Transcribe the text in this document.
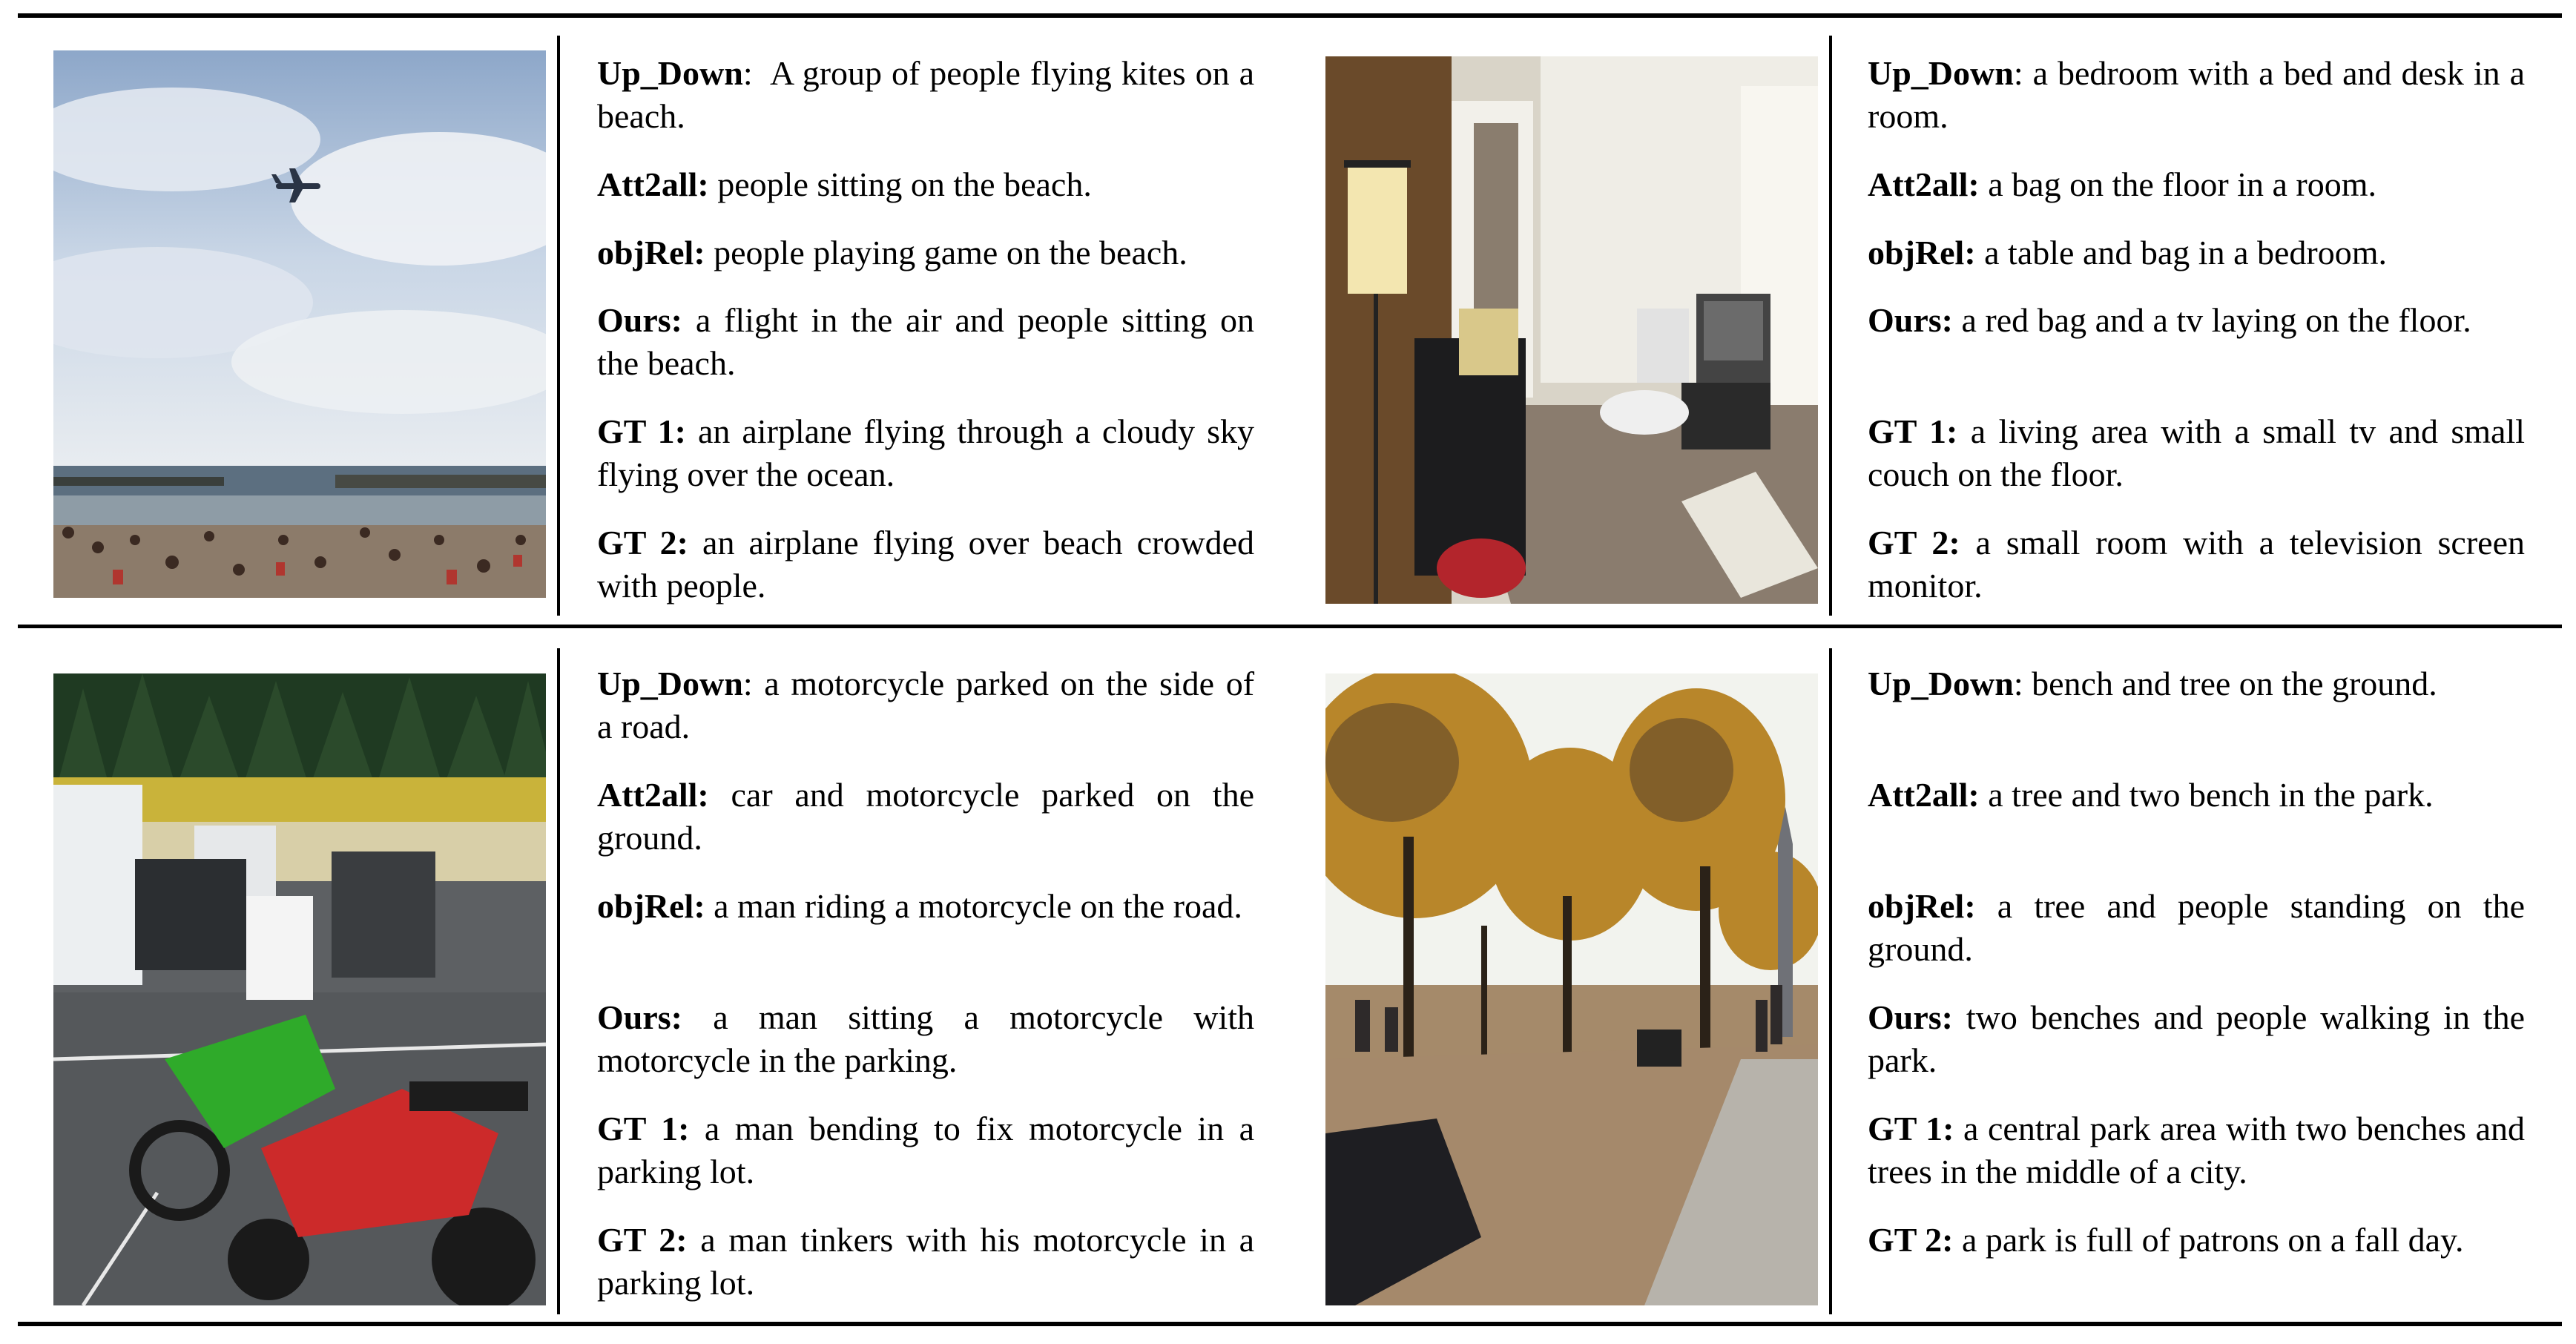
Up_Down: A group of people flying kites on a beach.
Att2all: people sitting on the beach.
objRel: people playing game on the beach.
Ours: a flight in the air and people sitting on the beach.
GT 1: an airplane flying through a cloudy sky flying over the ocean.
GT 2: an airplane flying over beach crowded with people.
Up_Down: a bedroom with a bed and desk in a room.
Att2all: a bag on the floor in a room.
objRel: a table and bag in a bedroom.
Ours: a red bag and a tv laying on the floor.
GT 1: a living area with a small tv and small couch on the floor.
GT 2: a small room with a television screen monitor.
Up_Down: a motorcycle parked on the side of a road.
Att2all: car and motorcycle parked on the ground.
objRel: a man riding a motorcycle on the road.
Ours: a man sitting a motorcycle with motorcycle in the parking.
GT 1: a man bending to fix motorcycle in a parking lot.
GT 2: a man tinkers with his motorcycle in a parking lot.
Up_Down: bench and tree on the ground.
Att2all: a tree and two bench in the park.
objRel: a tree and people standing on the ground.
Ours: two benches and people walking in the park.
GT 1: a central park area with two benches and trees in the middle of a city.
GT 2: a park is full of patrons on a fall day.
